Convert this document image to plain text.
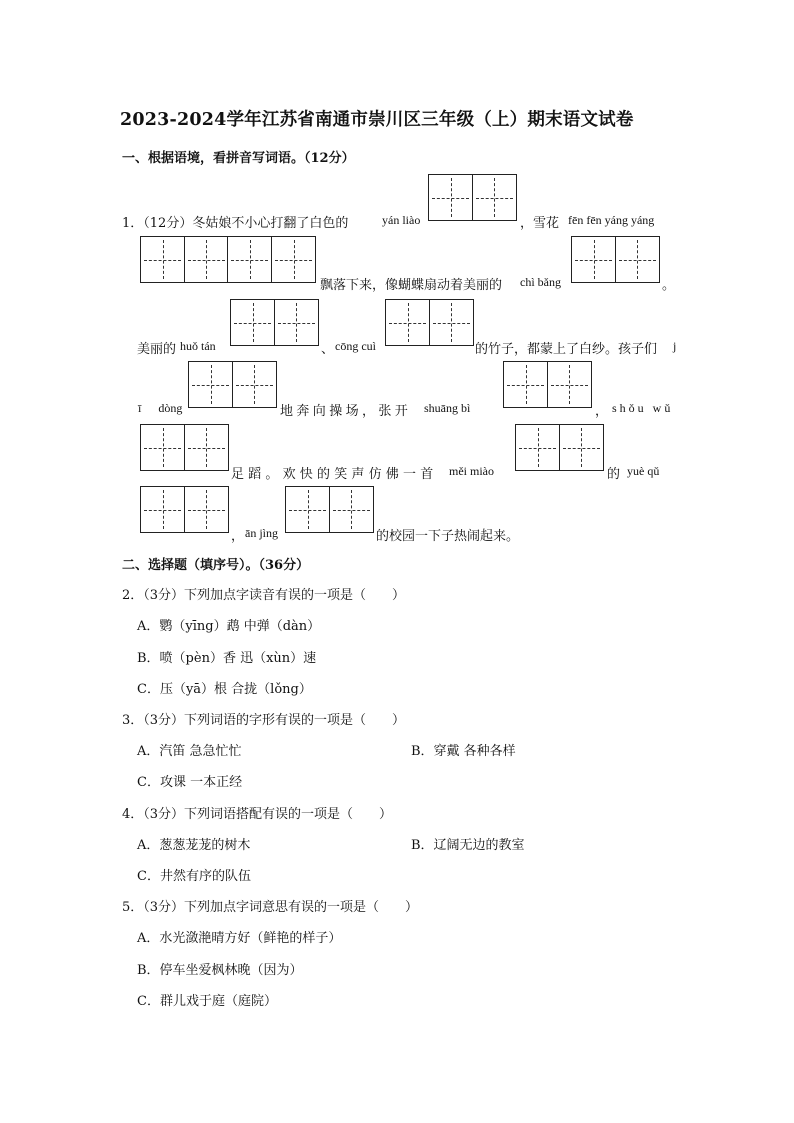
2023-2024学年江苏省南通市崇川区三年级（上）期末语文试卷
一、根据语境，看拼音写词语。（12分）
1．（12分）冬姑娘不小心打翻了白色的	yán liào	，雪花 fēn fēn yáng yáng
飘落下来，像蝴蝶扇动着美丽的 chì bǎng	。
美丽的 huǒ tán	、 cōng cuì	的竹子，都蒙上了白纱。孩子们 j
ī dòng	地奔向操场，张开 shuāng bì	， shǒu wǔ
足蹈。欢快的笑声仿佛一首 měi miào	的 yuè qǔ
， ān jìng	的校园一下子热闹起来。
二、选择题（填序号）。（36分）
2．（3分）下列加点字读音有误的一项是（　　）
A．鹦（yīng）鹉 中弹（dàn）
B．喷（pèn）香 迅（xùn）速
C．压（yā）根 合拢（lǒng）
3．（3分）下列词语的字形有误的一项是（　　）
A．汽笛 急急忙忙	B．穿戴 各种各样
C．攻课 一本正经
4．（3分）下列词语搭配有误的一项是（　　）
A．葱葱茏茏的树木	B．辽阔无边的教室
C．井然有序的队伍
5．（3分）下列加点字词意思有误的一项是（　　）
A．水光潋滟晴方好（鲜艳的样子）
B．停车坐爱枫林晚（因为）
C．群儿戏于庭（庭院）
